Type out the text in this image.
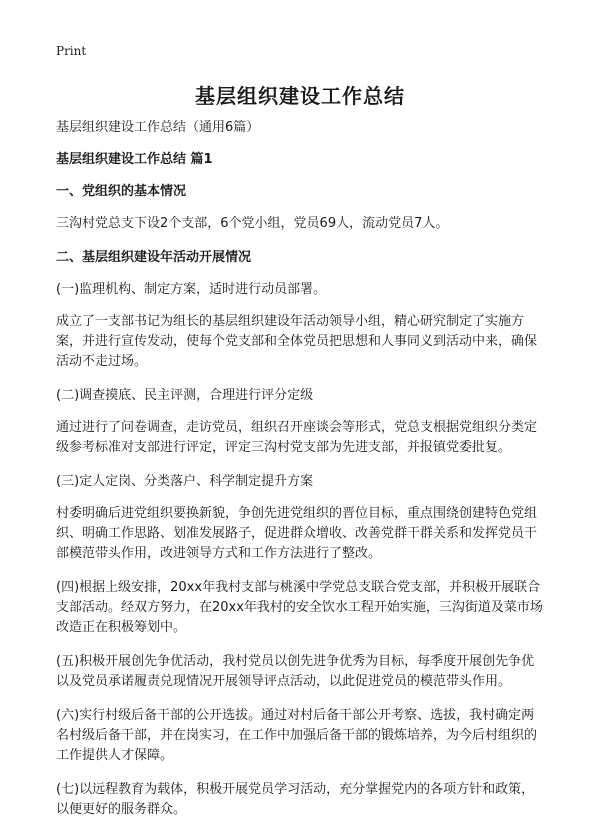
Print
基层组织建设工作总结

基层组织建设工作总结（通用6篇）

基层组织建设工作总结 篇1

一、党组织的基本情况

三沟村党总支下设2个支部，6个党小组，党员69人，流动党员7人。

二、基层组织建设年活动开展情况

(一)监理机构、制定方案，适时进行动员部署。

成立了一支部书记为组长的基层组织建设年活动领导小组，精心研究制定了实施方案，并进行宣传发动，使每个党支部和全体党员把思想和人事同义到活动中来，确保活动不走过场。

(二)调查摸底、民主评测，合理进行评分定级

通过进行了问卷调查，走访党员，组织召开座谈会等形式，党总支根据党组织分类定级参考标准对支部进行评定，评定三沟村党支部为先进支部，并报镇党委批复。

(三)定人定岗、分类落户、科学制定提升方案

村委明确后进党组织要换新貌，争创先进党组织的晋位目标，重点围绕创建特色党组织、明确工作思路、划准发展路子，促进群众增收、改善党群干群关系和发挥党员干部模范带头作用，改进领导方式和工作方法进行了整改。

(四)根据上级安排，20xx年我村支部与桃溪中学党总支联合党支部，并积极开展联合支部活动。经双方努力，在20xx年我村的安全饮水工程开始实施，三沟街道及菜市场改造正在积极筹划中。

(五)积极开展创先争优活动，我村党员以创先进争优秀为目标，每季度开展创先争优以及党员承诺履责兑现情况开展领导评点活动，以此促进党员的模范带头作用。

(六)实行村级后备干部的公开选拔。通过对村后备干部公开考察、选拔，我村确定两名村级后备干部，并在岗实习，在工作中加强后备干部的锻炼培养，为今后村组织的工作提供人才保障。

(七)以远程教育为载体，积极开展党员学习活动，充分掌握党内的各项方针和政策，以便更好的服务群众。
